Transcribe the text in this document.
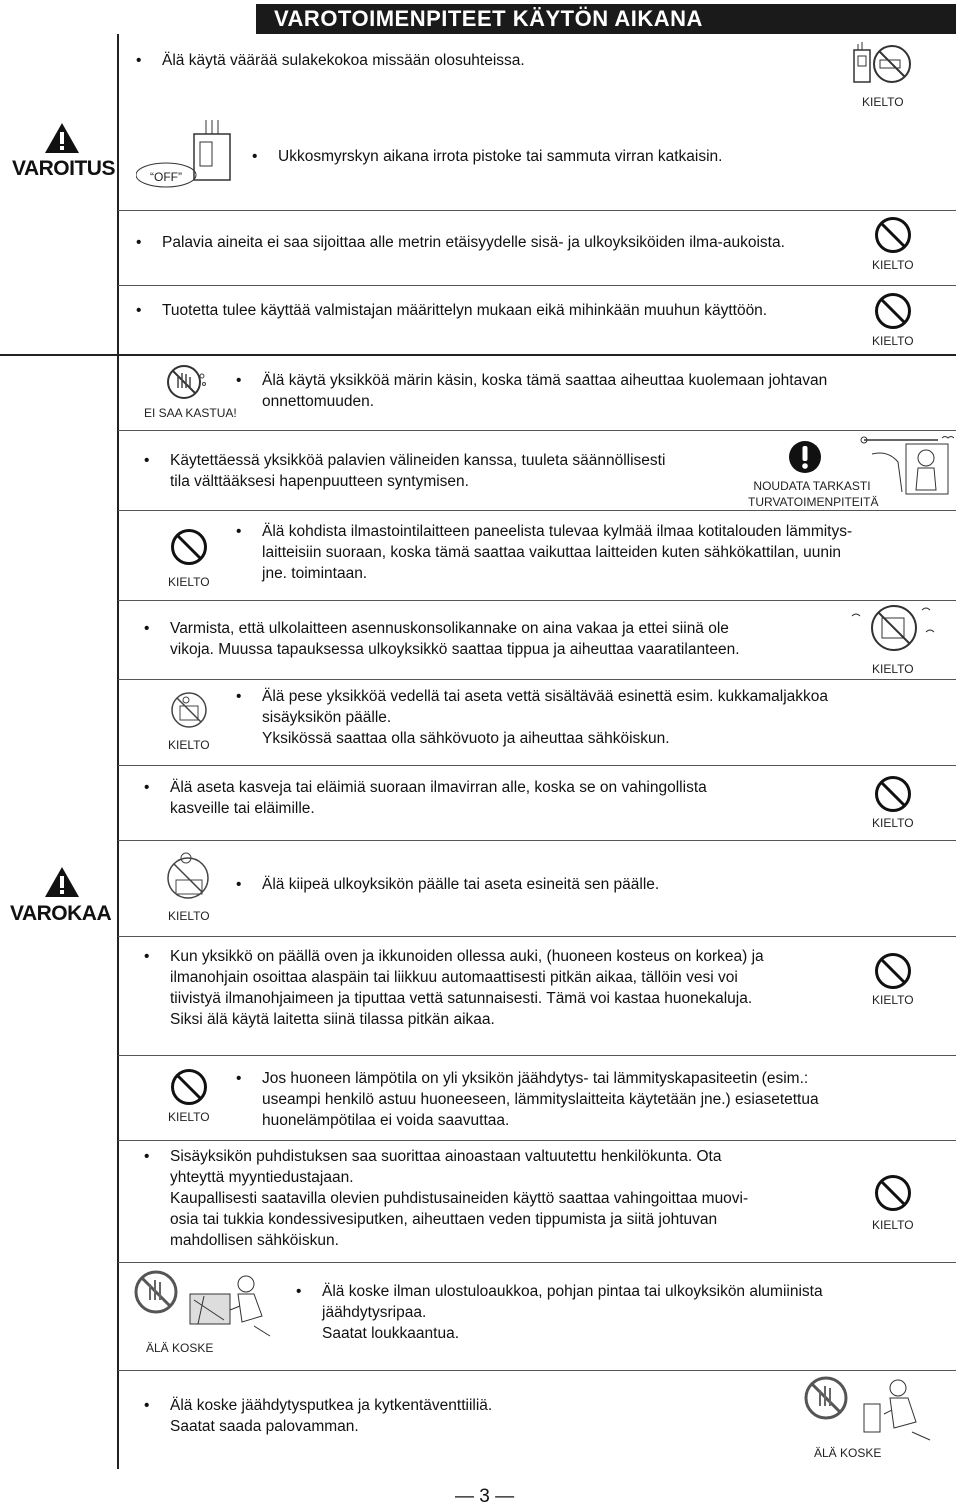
VAROTOIMENPITEET KÄYTÖN AIKANA
VAROITUS
VAROKAA
• Älä käytä väärää sulakekokoa missään olosuhteissa.
KIELTO
“OFF”
• Ukkosmyrskyn aikana irrota pistoke tai sammuta virran katkaisin.
• Palavia aineita ei saa sijoittaa alle metrin etäisyydelle sisä- ja ulkoyksiköiden ilma-aukoista.
KIELTO
• Tuotetta tulee käyttää valmistajan määrittelyn mukaan eikä mihinkään muuhun käyttöön.
KIELTO
EI SAA KASTUA!
• Älä käytä yksikköä märin käsin, koska tämä saattaa aiheuttaa kuolemaan johtavan
onnettomuuden.
• Käytettäessä yksikköä palavien välineiden kanssa, tuuleta säännöllisesti
tila välttääksesi hapenpuutteen syntymisen.	NOUDATA TARKASTI
TURVATOIMENPITEITÄ
KIELTO
• Älä kohdista ilmastointilaitteen paneelista tulevaa kylmää ilmaa kotitalouden lämmitys-
laitteisiin suoraan, koska tämä saattaa vaikuttaa laitteiden kuten sähkökattilan, uunin
jne. toimintaan.
• Varmista, että ulkolaitteen asennuskonsolikannake on aina vakaa ja ettei siinä ole
vikoja. Muussa tapauksessa ulkoyksikkö saattaa tippua ja aiheuttaa vaaratilanteen.
KIELTO
KIELTO
• Älä pese yksikköä vedellä tai aseta vettä sisältävää esinettä esim. kukkamaljakkoa
sisäyksikön päälle.
Yksikössä saattaa olla sähkövuoto ja aiheuttaa sähköiskun.
• Älä aseta kasveja tai eläimiä suoraan ilmavirran alle, koska se on vahingollista
kasveille tai eläimille.
KIELTO
KIELTO
• Älä kiipeä ulkoyksikön päälle tai aseta esineitä sen päälle.
• Kun yksikkö on päällä oven ja ikkunoiden ollessa auki, (huoneen kosteus on korkea) ja
ilmanohjain osoittaa alaspäin tai liikkuu automaattisesti pitkän aikaa, tällöin vesi voi
tiivistyä ilmanohjaimeen ja tiputtaa vettä satunnaisesti. Tämä voi kastaa huonekaluja.
Siksi älä käytä laitetta siinä tilassa pitkän aikaa.
KIELTO
KIELTO
• Jos huoneen lämpötila on yli yksikön jäähdytys- tai lämmityskapasiteetin (esim.:
useampi henkilö astuu huoneeseen, lämmityslaitteita käytetään jne.) esiasetettua
huonelämpötilaa ei voida saavuttaa.
• Sisäyksikön puhdistuksen saa suorittaa ainoastaan valtuutettu henkilökunta. Ota
yhteyttä myyntiedustajaan.
Kaupallisesti saatavilla olevien puhdistusaineiden käyttö saattaa vahingoittaa muovi-
osia tai tukkia kondessivesiputken, aiheuttaen veden tippumista ja siitä johtuvan
mahdollisen sähköiskun.
KIELTO
ÄLÄ KOSKE
• Älä koske ilman ulostuloaukkoa, pohjan pintaa tai ulkoyksikön alumiinista
jäähdytysripaa.
Saatat loukkaantua.
• Älä koske jäähdytysputkea ja kytkentäventtiiliä.
Saatat saada palovamman.
ÄLÄ KOSKE
— 3 —
